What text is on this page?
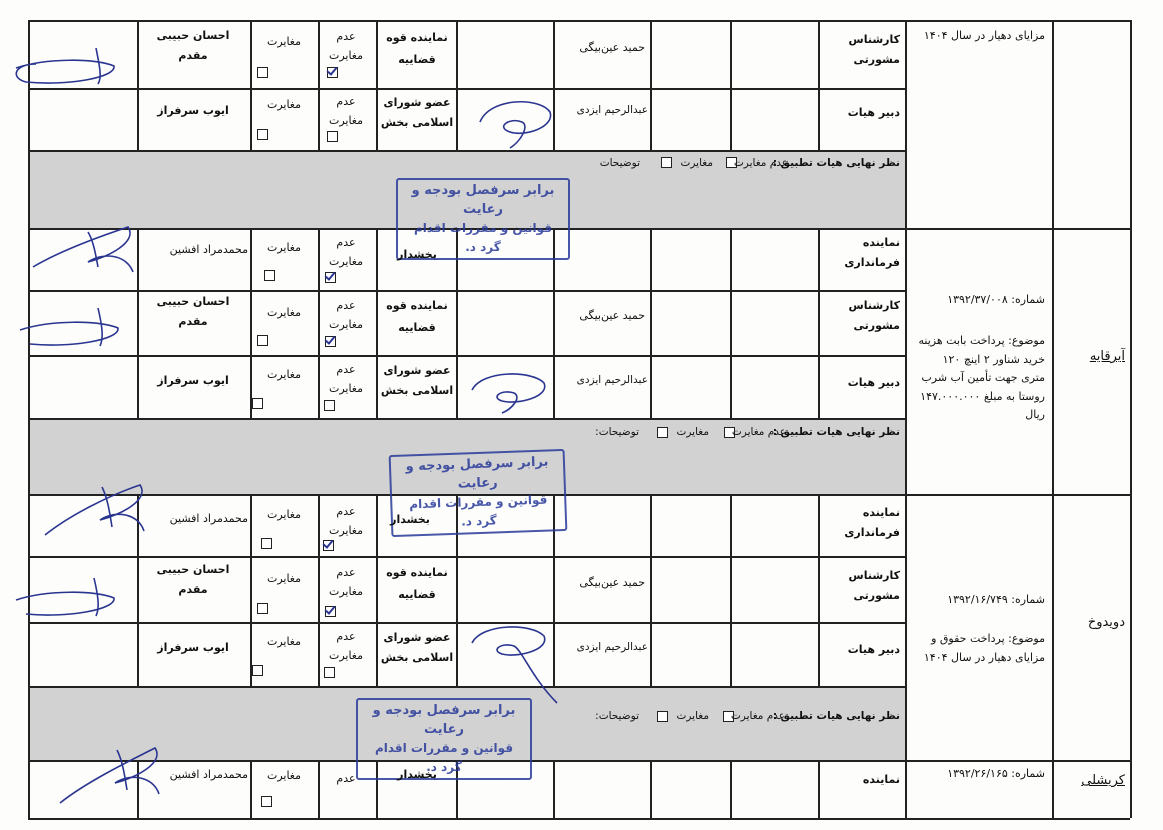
مزایای دهیار در سال ۱۴۰۴
کارشناس
مشورتی
حمید عین‌بیگی
نماینده قوه
قضاییه
عدم
مغایرت
مغایرت
احسان حبیبی
مقدم
دبیر هیات
عبدالرحیم ایزدی
عضو شورای
اسلامی بخش
عدم
مغایرت
مغایرت
ایوب سرفراز
نظر نهایی هیات تطبیق :
عدم مغایرت
مغایرت
توضیحات
برابر سرفصل بودجه و رعایت
قوانین و مقررات اقدام گرد د.
آیرقایه
شماره: ۱۳۹۲/۳۷/۰۰۸
موضوع: پرداخت بابت هزینه
خرید شناور ۲ اینچ ۱۲۰
متری جهت تأمین آب شرب
روستا به مبلغ ۱۴۷.۰۰۰.۰۰۰
ریال
نماینده
فرمانداری
بخشدار
عدم
مغایرت
مغایرت
محمدمراد افشین
کارشناس
مشورتی
حمید عین‌بیگی
نماینده قوه
قضاییه
عدم
مغایرت
مغایرت
احسان حبیبی
مقدم
دبیر هیات
عبدالرحیم ایزدی
عضو شورای
اسلامی بخش
عدم
مغایرت
مغایرت
ایوب سرفراز
نظر نهایی هیات تطبیق :
عدم مغایرت
مغایرت
توضیحات:
برابر سرفصل بودجه و رعایت
قوانین و مقررات اقدام گرد د.
دویدوخ
شماره: ۱۳۹۲/۱۶/۷۴۹
موضوع: پرداخت حقوق و
مزایای دهیار در سال ۱۴۰۴
نماینده
فرمانداری
بخشدار
عدم
مغایرت
مغایرت
محمدمراد افشین
کارشناس
مشورتی
حمید عین‌بیگی
نماینده قوه
قضاییه
عدم
مغایرت
مغایرت
احسان حبیبی
مقدم
دبیر هیات
عبدالرحیم ایزدی
عضو شورای
اسلامی بخش
عدم
مغایرت
مغایرت
ایوب سرفراز
نظر نهایی هیات تطبیق :
عدم مغایرت
مغایرت
توضیحات:
برابر سرفصل بودجه و رعایت
قوانین و مقررات اقدام گرد د.
کریشلی
شماره: ۱۳۹۲/۲۶/۱۶۵
نماینده
بخشدار
عدم
مغایرت
محمدمراد افشین
